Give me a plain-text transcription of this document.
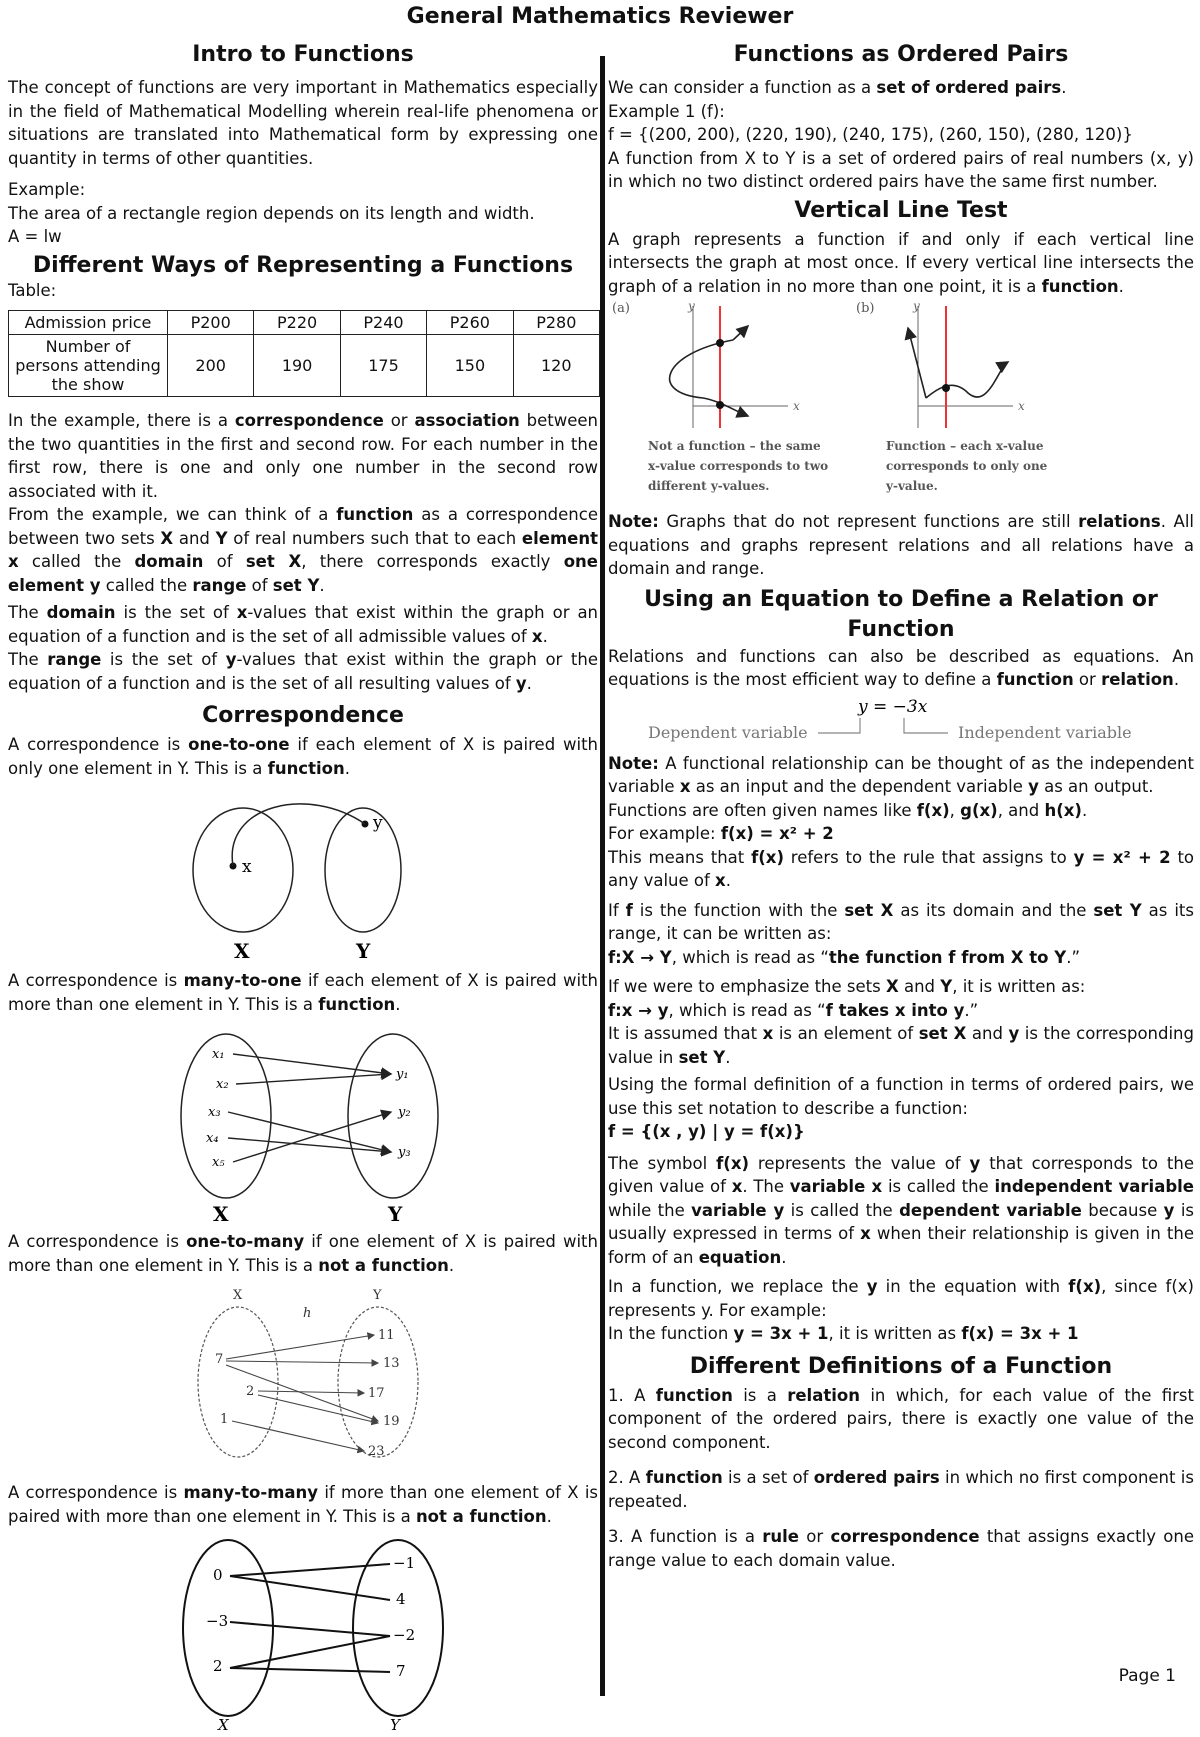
General Mathematics Reviewer
Intro to Functions

The concept of functions are very important in Mathematics especially in the field of Mathematical Modelling wherein real-life phenomena or situations are translated into Mathematical form by expressing one quantity in terms of other quantities.

Example:

The area of a rectangle region depends on its length and width.

A = lw

Different Ways of Representing a Functions

Table:

Admission price	P200	P220	P240	P260	P280
Number of persons attending the show	200	190	175	150	120

In the example, there is a correspondence or association between the two quantities in the first and second row. For each number in the first row, there is one and only one number in the second row associated with it.

From the example, we can think of a function as a correspondence between two sets X and Y of real numbers such that to each element x called the domain of set X, there corresponds exactly one element y called the range of set Y.

The domain is the set of x-values that exist within the graph or an equation of a function and is the set of all admissible values of x.

The range is the set of y-values that exist within the graph or the equation of a function and is the set of all resulting values of y.

Correspondence

A correspondence is one-to-one if each element of X is paired with only one element in Y. This is a function.

x
y
X	Y

A correspondence is many-to-one if each element of X is paired with more than one element in Y. This is a function.

x₁
x₂
x₃
x₄
x₅
y₁
y₂
y₃
X	Y

A correspondence is one-to-many if one element of X is paired with more than one element in Y. This is a not a function.

X	Y
h
7
2
1
11
13
17
19
23

A correspondence is many-to-many if more than one element of X is paired with more than one element in Y. This is a not a function.

0
−3
2
−1
4
−2
7
X	Y
Functions as Ordered Pairs

We can consider a function as a set of ordered pairs.

Example 1 (f):

f = {(200, 200), (220, 190), (240, 175), (260, 150), (280, 120)}

A function from X to Y is a set of ordered pairs of real numbers (x, y) in which no two distinct ordered pairs have the same first number.

Vertical Line Test

A graph represents a function if and only if each vertical line intersects the graph at most once. If every vertical line intersects the graph of a relation in no more than one point, it is a function.

(a)	y
x
Not a function – the same
x-value corresponds to two
different y-values.
(b)	y
x
Function – each x-value
corresponds to only one
y-value.

Note: Graphs that do not represent functions are still relations. All equations and graphs represent relations and all relations have a domain and range.

Using an Equation to Define a Relation or Function

Relations and functions can also be described as equations. An equations is the most efficient way to define a function or relation.

y = −3x
Dependent variable	Independent variable

Note: A functional relationship can be thought of as the independent variable x as an input and the dependent variable y as an output.

Functions are often given names like f(x), g(x), and h(x).

For example: f(x) = x² + 2

This means that f(x) refers to the rule that assigns to y = x² + 2 to any value of x.

If f is the function with the set X as its domain and the set Y as its range, it can be written as:

f:X → Y, which is read as “the function f from X to Y.”

If we were to emphasize the sets X and Y, it is written as:

f:x → y, which is read as “f takes x into y.”

It is assumed that x is an element of set X and y is the corresponding value in set Y.

Using the formal definition of a function in terms of ordered pairs, we use this set notation to describe a function:

f = {(x , y) | y = f(x)}

The symbol f(x) represents the value of y that corresponds to the given value of x. The variable x is called the independent variable while the variable y is called the dependent variable because y is usually expressed in terms of x when their relationship is given in the form of an equation.

In a function, we replace the y in the equation with f(x), since f(x) represents y. For example:

In the function y = 3x + 1, it is written as f(x) = 3x + 1

Different Definitions of a Function

1. A function is a relation in which, for each value of the first component of the ordered pairs, there is exactly one value of the second component.

2. A function is a set of ordered pairs in which no first component is repeated.

3. A function is a rule or correspondence that assigns exactly one range value to each domain value.

Page 1
